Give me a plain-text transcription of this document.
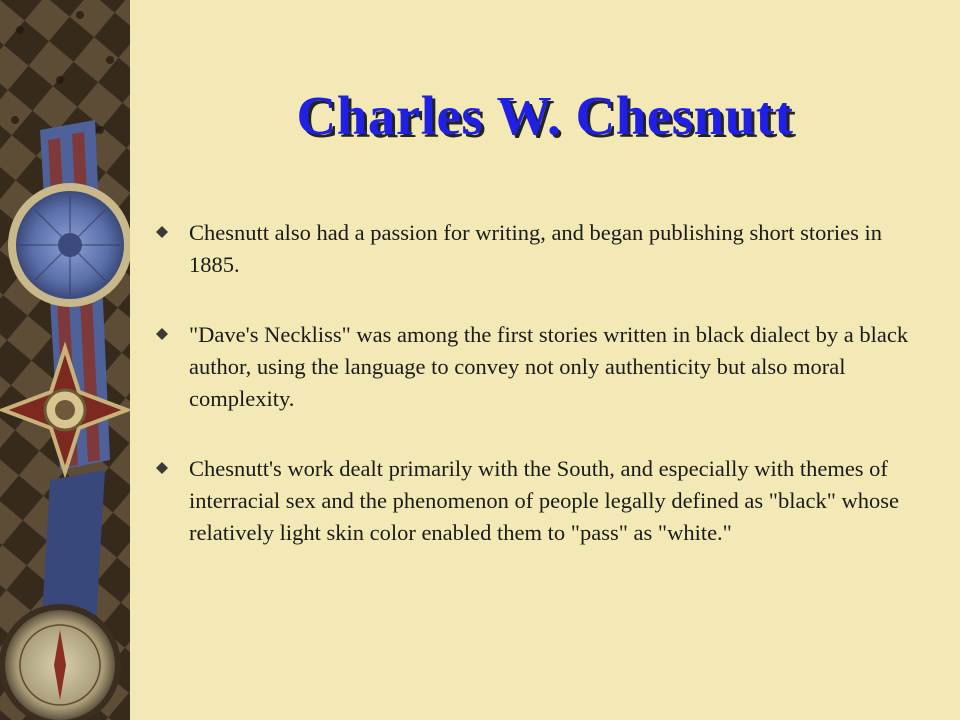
Charles W. Chesnutt
Chesnutt also had a passion for writing, and began publishing short stories in 1885.
"Dave's Neckliss" was among the first stories written in black dialect by a black author, using the language to convey not only authenticity but also moral complexity.
Chesnutt's work dealt primarily with the South, and especially with themes of interracial sex and the phenomenon of people legally defined as "black" whose relatively light skin color enabled them to "pass" as "white."
